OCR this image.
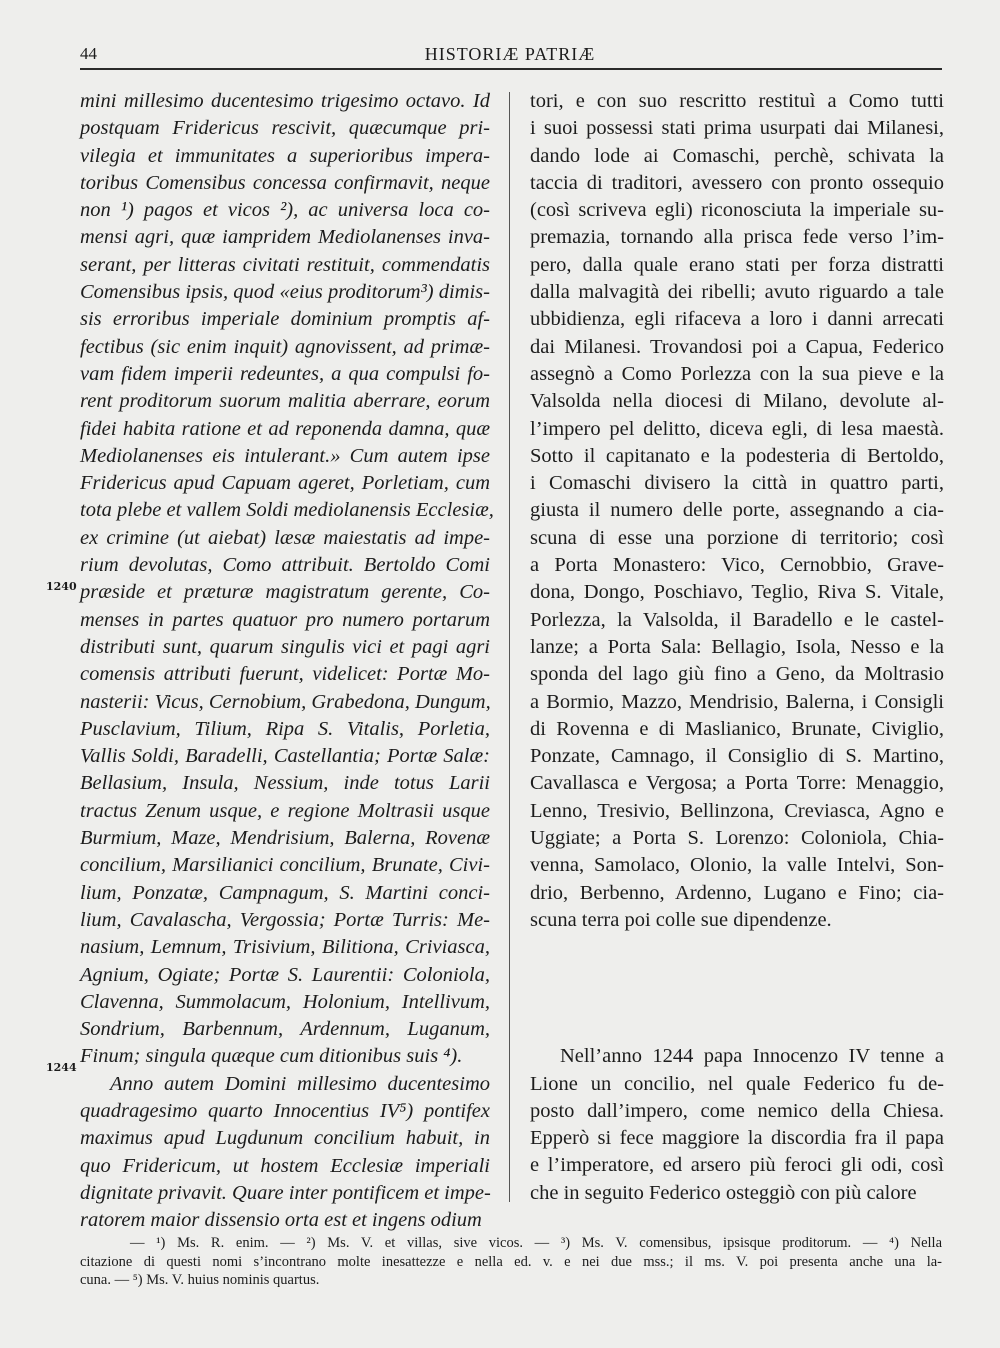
44	HISTORIÆ PATRIÆ
1240
1244
mini millesimo ducentesimo trigesimo octavo. Id
postquam Fridericus rescivit, quæcumque pri-
vilegia et immunitates a superioribus impera-
toribus Comensibus concessa confirmavit, neque
non ¹) pagos et vicos ²), ac universa loca co-
mensi agri, quæ iampridem Mediolanenses inva-
serant, per litteras civitati restituit, commendatis
Comensibus ipsis, quod «eius proditorum³) dimis-
sis erroribus imperiale dominium promptis af-
fectibus (sic enim inquit) agnovissent, ad primæ-
vam fidem imperii redeuntes, a qua compulsi fo-
rent proditorum suorum malitia aberrare, eorum
fidei habita ratione et ad reponenda damna, quæ
Mediolanenses eis intulerant.» Cum autem ipse
Fridericus apud Capuam ageret, Porletiam, cum
tota plebe et vallem Soldi mediolanensis Ecclesiæ,
ex crimine (ut aiebat) læsæ maiestatis ad impe-
rium devolutas, Como attribuit. Bertoldo Comi
præside et præturæ magistratum gerente, Co-
menses in partes quatuor pro numero portarum
distributi sunt, quarum singulis vici et pagi agri
comensis attributi fuerunt, videlicet: Portæ Mo-
nasterii: Vicus, Cernobium, Grabedona, Dungum,
Pusclavium, Tilium, Ripa S. Vitalis, Porletia,
Vallis Soldi, Baradelli, Castellantia; Portæ Salæ:
Bellasium, Insula, Nessium, inde totus Larii
tractus Zenum usque, e regione Moltrasii usque
Burmium, Maze, Mendrisium, Balerna, Rovenæ
concilium, Marsilianici concilium, Brunate, Civi-
lium, Ponzatæ, Campnagum, S. Martini conci-
lium, Cavalascha, Vergossia; Portæ Turris: Me-
nasium, Lemnum, Trisivium, Bilitiona, Criviasca,
Agnium, Ogiate; Portæ S. Laurentii: Coloniola,
Clavenna, Summolacum, Holonium, Intellivum,
Sondrium, Barbennum, Ardennum, Luganum,
Finum; singula quæque cum ditionibus suis ⁴).
Anno autem Domini millesimo ducentesimo
quadragesimo quarto Innocentius IV⁵) pontifex
maximus apud Lugdunum concilium habuit, in
quo Fridericum, ut hostem Ecclesiæ imperiali
dignitate privavit. Quare inter pontificem et impe-
ratorem maior dissensio orta est et ingens odium
tori, e con suo rescritto restituì a Como tutti
i suoi possessi stati prima usurpati dai Milanesi,
dando lode ai Comaschi, perchè, schivata la
taccia di traditori, avessero con pronto ossequio
(così scriveva egli) riconosciuta la imperiale su-
premazia, tornando alla prisca fede verso l’im-
pero, dalla quale erano stati per forza distratti
dalla malvagità dei ribelli; avuto riguardo a tale
ubbidienza, egli rifaceva a loro i danni arrecati
dai Milanesi. Trovandosi poi a Capua, Federico
assegnò a Como Porlezza con la sua pieve e la
Valsolda nella diocesi di Milano, devolute al-
l’impero pel delitto, diceva egli, di lesa maestà.
Sotto il capitanato e la podesteria di Bertoldo,
i Comaschi divisero la città in quattro parti,
giusta il numero delle porte, assegnando a cia-
scuna di esse una porzione di territorio; così
a Porta Monastero: Vico, Cernobbio, Grave-
dona, Dongo, Poschiavo, Teglio, Riva S. Vitale,
Porlezza, la Valsolda, il Baradello e le castel-
lanze; a Porta Sala: Bellagio, Isola, Nesso e la
sponda del lago giù fino a Geno, da Moltrasio
a Bormio, Mazzo, Mendrisio, Balerna, i Consigli
di Rovenna e di Maslianico, Brunate, Civiglio,
Ponzate, Camnago, il Consiglio di S. Martino,
Cavallasca e Vergosa; a Porta Torre: Menaggio,
Lenno, Tresivio, Bellinzona, Creviasca, Agno e
Uggiate; a Porta S. Lorenzo: Coloniola, Chia-
venna, Samolaco, Olonio, la valle Intelvi, Son-
drio, Berbenno, Ardenno, Lugano e Fino; cia-
scuna terra poi colle sue dipendenze.
Nell’anno 1244 papa Innocenzo IV tenne a
Lione un concilio, nel quale Federico fu de-
posto dall’impero, come nemico della Chiesa.
Epperò si fece maggiore la discordia fra il papa
e l’imperatore, ed arsero più feroci gli odi, così
che in seguito Federico osteggiò con più calore
— ¹) Ms. R. enim. — ²) Ms. V. et villas, sive vicos. — ³) Ms. V. comensibus, ipsisque proditorum. — ⁴) Nella
citazione di questi nomi s’incontrano molte inesattezze e nella ed. v. e nei due mss.; il ms. V. poi presenta anche una la-
cuna. — ⁵) Ms. V. huius nominis quartus.
